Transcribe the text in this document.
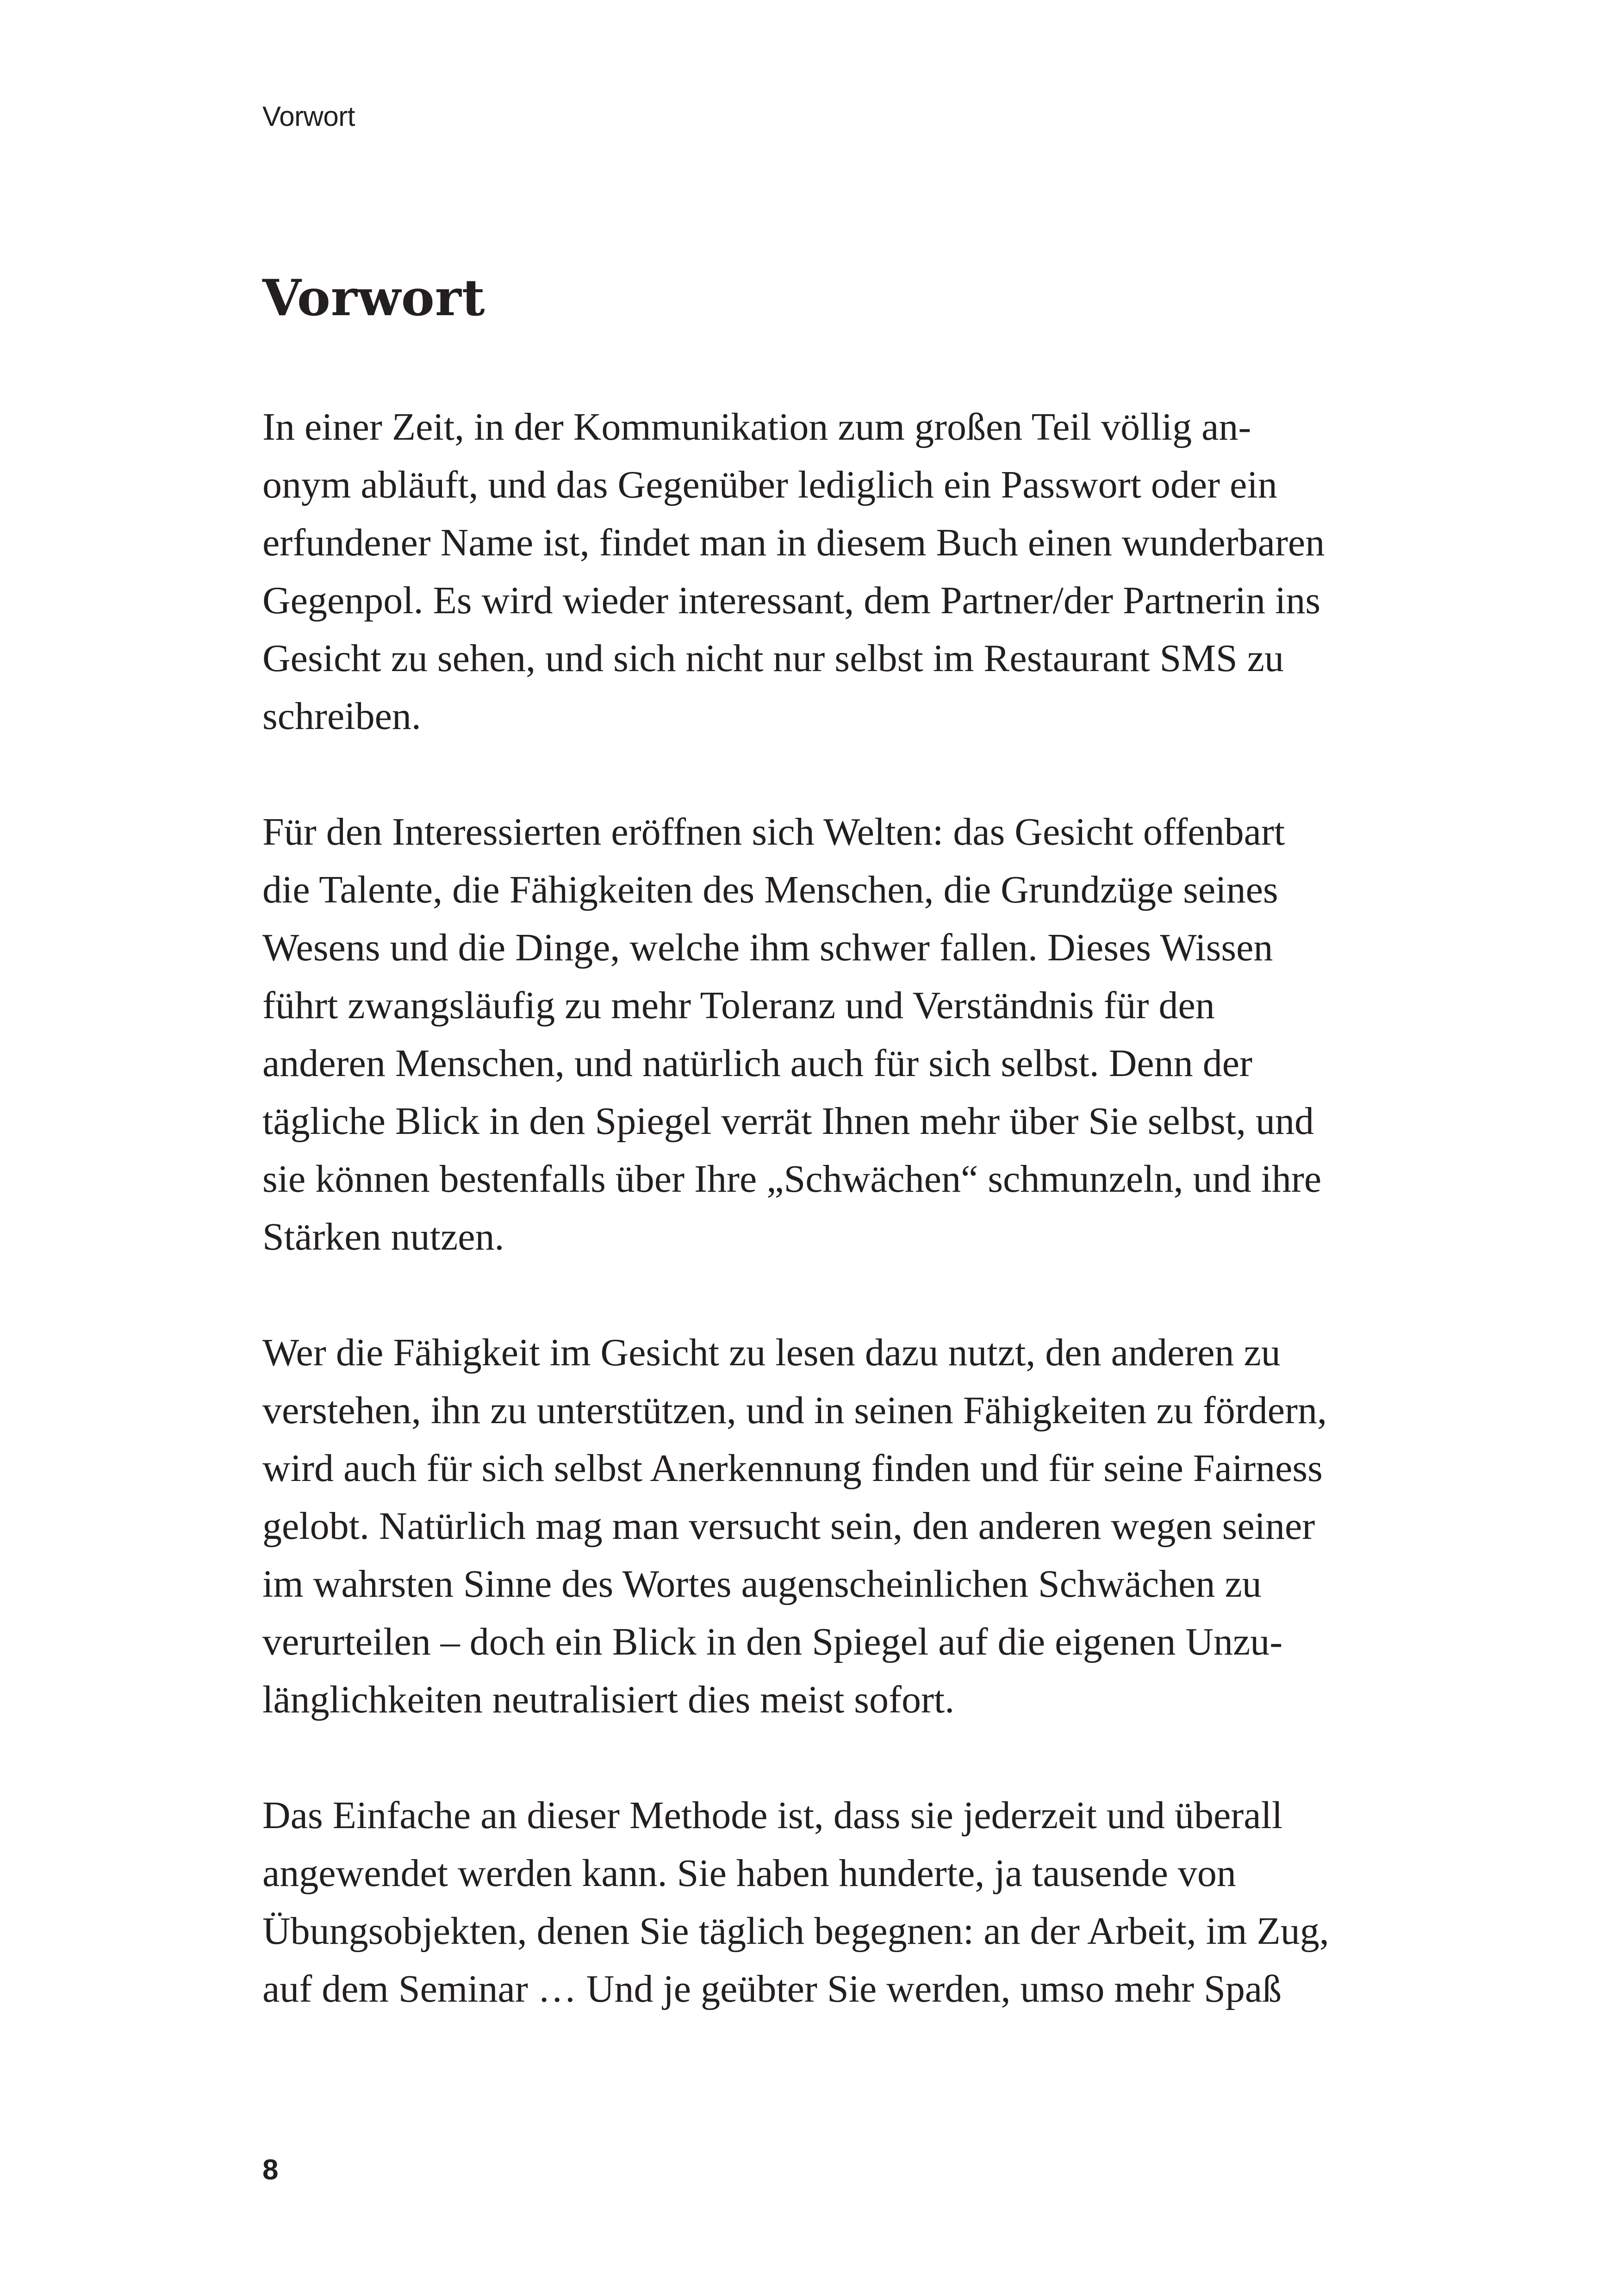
Vorwort
Vorwort

In einer Zeit, in der Kommunikation zum großen Teil völlig an-
onym abläuft, und das Gegenüber lediglich ein Passwort oder ein
erfundener Name ist, findet man in diesem Buch einen wunderbaren
Gegenpol. Es wird wieder interessant, dem Partner/der Partnerin ins
Gesicht zu sehen, und sich nicht nur selbst im Restaurant SMS zu
schreiben.

Für den Interessierten eröffnen sich Welten: das Gesicht offenbart
die Talente, die Fähigkeiten des Menschen, die Grundzüge seines
Wesens und die Dinge, welche ihm schwer fallen. Dieses Wissen
führt zwangsläufig zu mehr Toleranz und Verständnis für den
anderen Menschen, und natürlich auch für sich selbst. Denn der
tägliche Blick in den Spiegel verrät Ihnen mehr über Sie selbst, und
sie können bestenfalls über Ihre „Schwächen“ schmunzeln, und ihre
Stärken nutzen.

Wer die Fähigkeit im Gesicht zu lesen dazu nutzt, den anderen zu
verstehen, ihn zu unterstützen, und in seinen Fähigkeiten zu fördern,
wird auch für sich selbst Anerkennung finden und für seine Fairness
gelobt. Natürlich mag man versucht sein, den anderen wegen seiner
im wahrsten Sinne des Wortes augenscheinlichen Schwächen zu
verurteilen – doch ein Blick in den Spiegel auf die eigenen Unzu-
länglichkeiten neutralisiert dies meist sofort.

Das Einfache an dieser Methode ist, dass sie jederzeit und überall
angewendet werden kann. Sie haben hunderte, ja tausende von
Übungsobjekten, denen Sie täglich begegnen: an der Arbeit, im Zug,
auf dem Seminar … Und je geübter Sie werden, umso mehr Spaß

8
